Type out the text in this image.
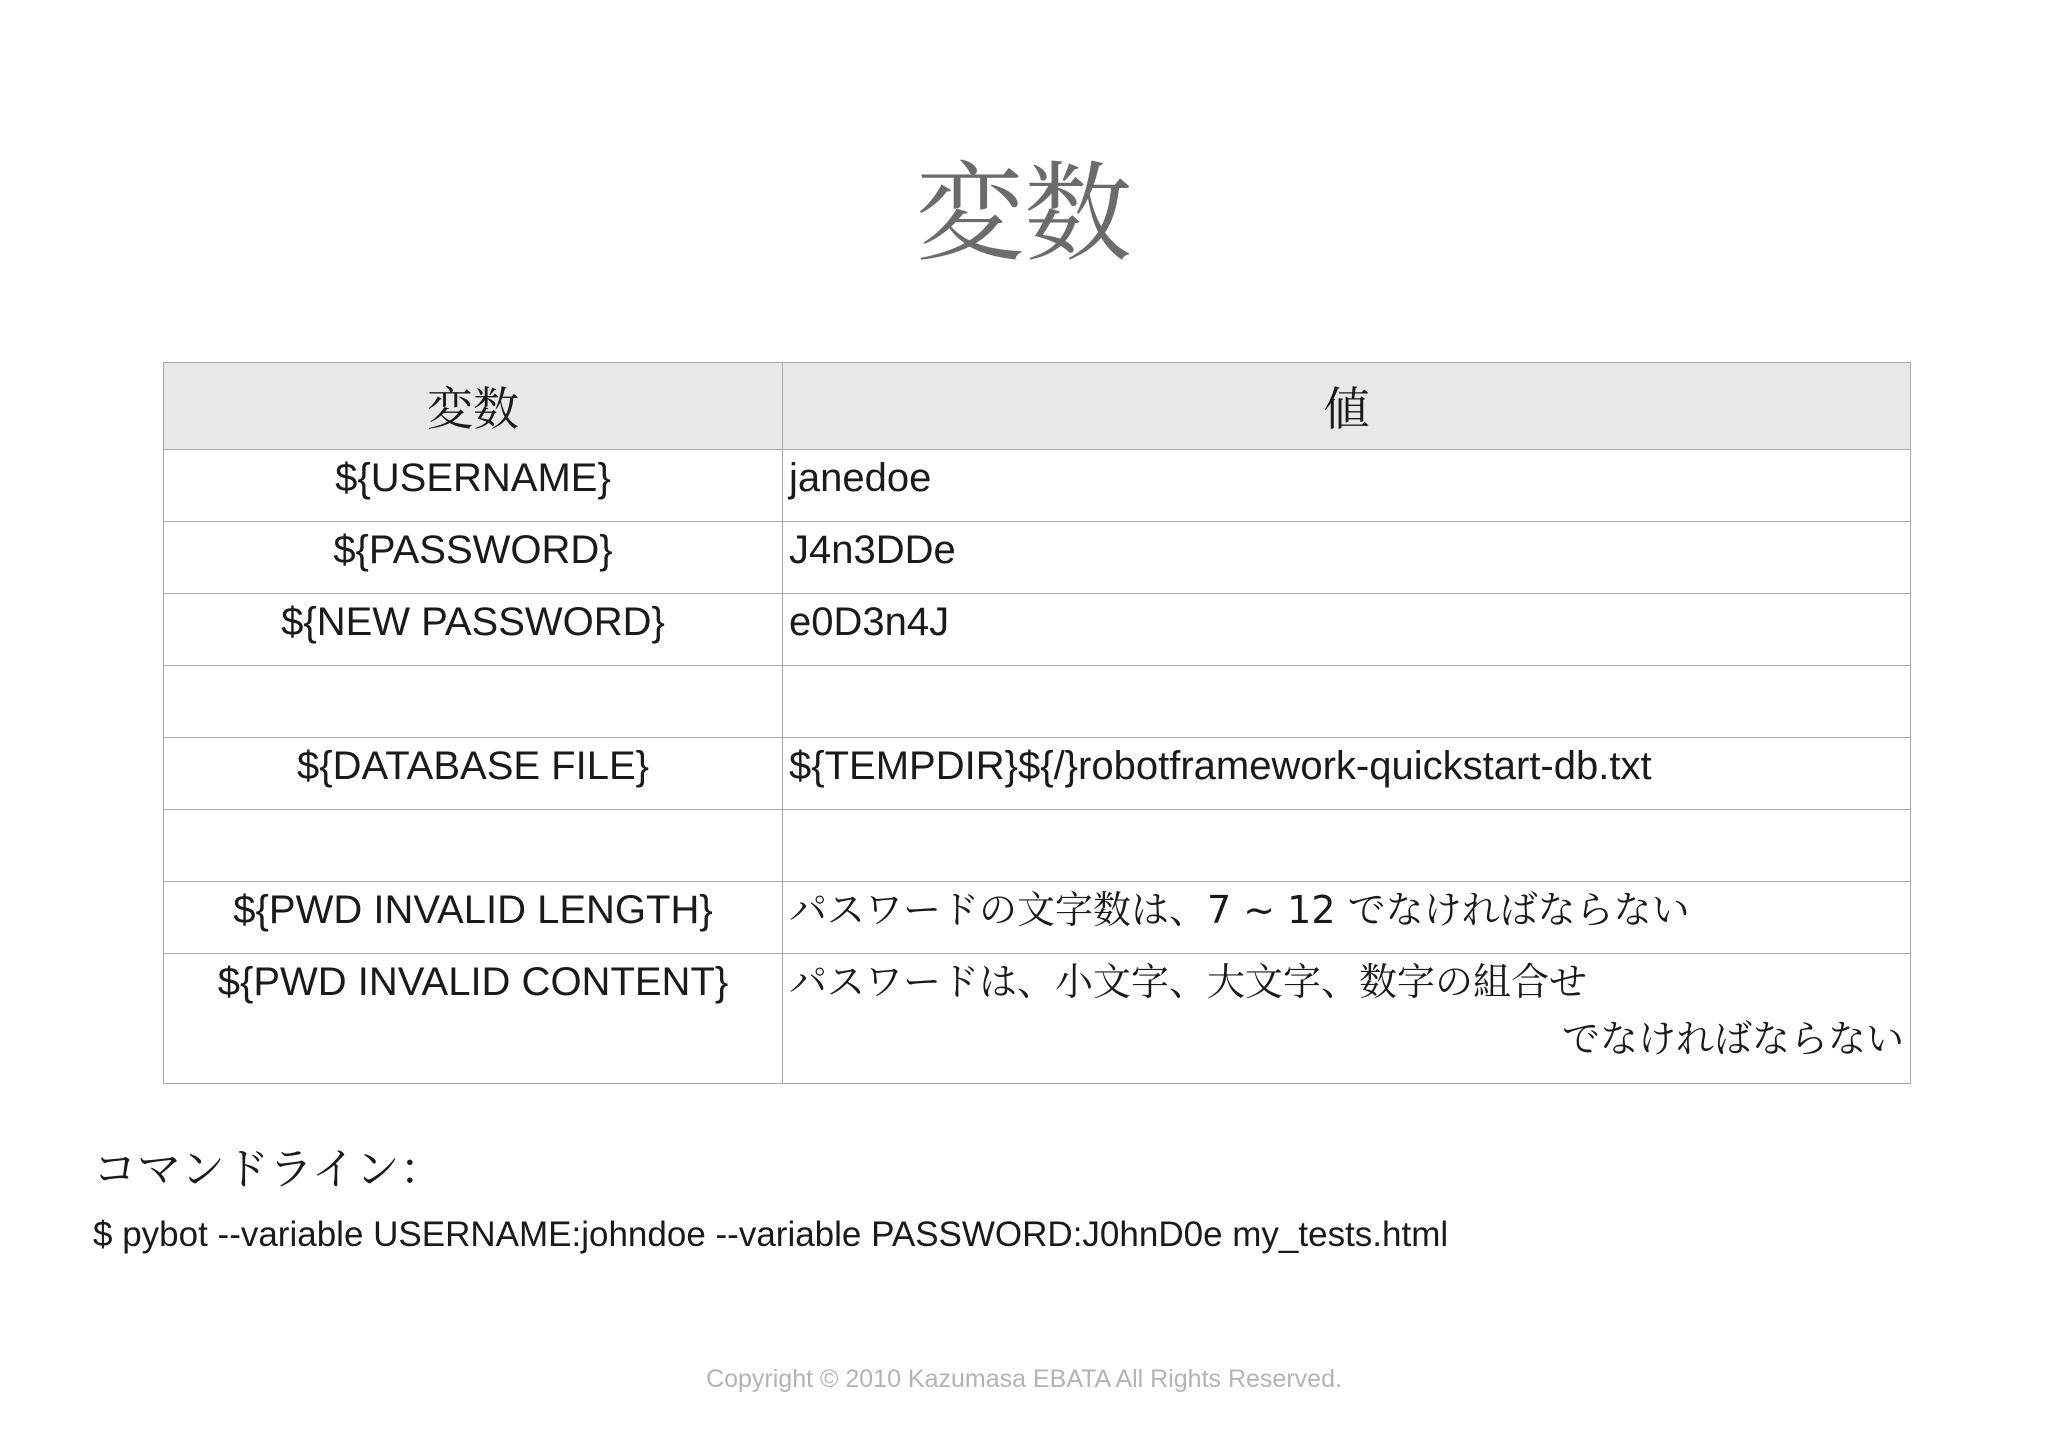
変数
変数	値
${USERNAME}	janedoe
${PASSWORD}	J4n3DDe
${NEW PASSWORD}	e0D3n4J

${DATABASE FILE}	${TEMPDIR}${/}robotframework-quickstart-db.txt

${PWD INVALID LENGTH}	パスワードの文字数は、7 ~ 12 でなければならない
${PWD INVALID CONTENT}	パスワードは、小文字、大文字、数字の組合せ
でなければならない
コマンドライン：
$ pybot --variable USERNAME:johndoe --variable PASSWORD:J0hnD0e my_tests.html
Copyright © 2010 Kazumasa EBATA All Rights Reserved.
